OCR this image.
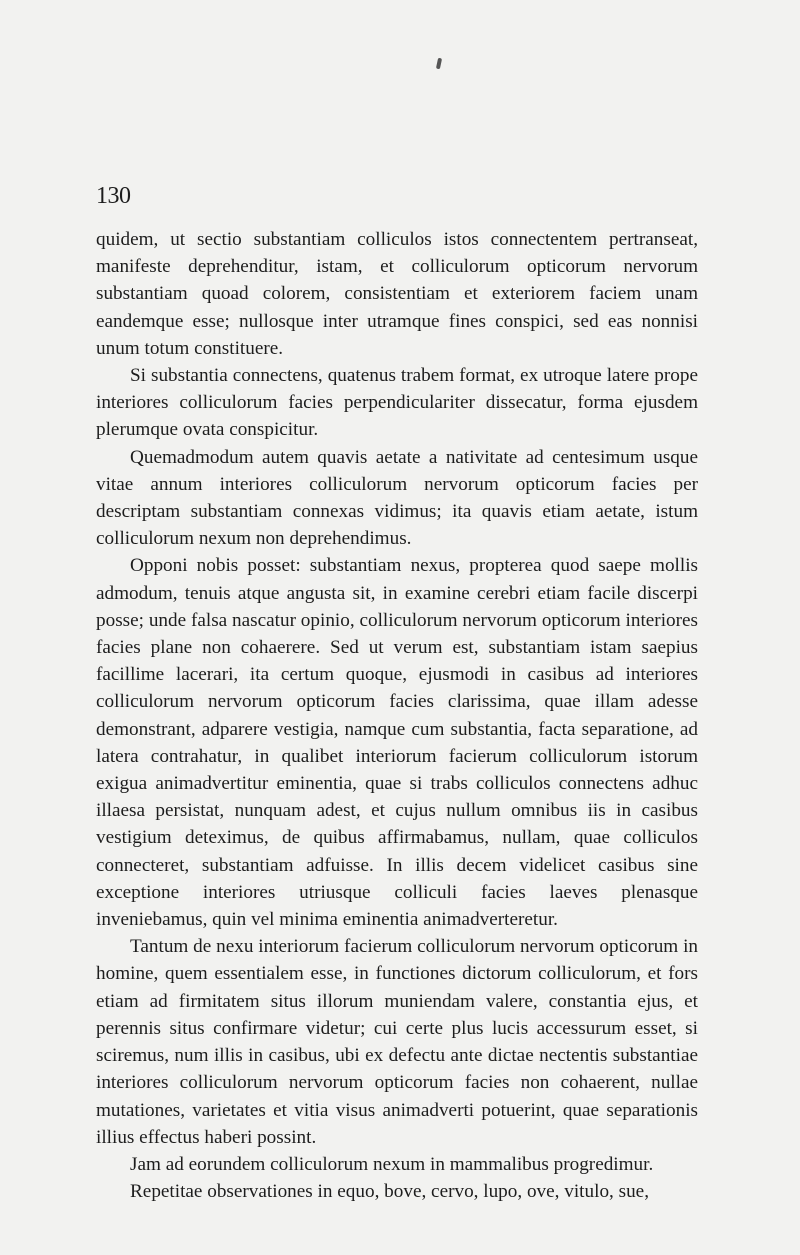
130

quidem, ut sectio substantiam colliculos istos connectentem pertranseat, manifeste deprehenditur, istam, et colliculorum opticorum nervorum substantiam quoad colorem, consistentiam et exteriorem faciem unam eandemque esse; nullosque inter utramque fines conspici, sed eas nonnisi unum totum constituere.

Si substantia connectens, quatenus trabem format, ex utroque latere prope interiores colliculorum facies perpendiculariter dissecatur, forma ejusdem plerumque ovata conspicitur.

Quemadmodum autem quavis aetate a nativitate ad centesimum usque vitae annum interiores colliculorum nervorum opticorum facies per descriptam substantiam connexas vidimus; ita quavis etiam aetate, istum colliculorum nexum non deprehendimus.

Opponi nobis posset: substantiam nexus, propterea quod saepe mollis admodum, tenuis atque angusta sit, in examine cerebri etiam facile discerpi posse; unde falsa nascatur opinio, colliculorum nervorum opticorum interiores facies plane non cohaerere. Sed ut verum est, substantiam istam saepius facillime lacerari, ita certum quoque, ejusmodi in casibus ad interiores colliculorum nervorum opticorum facies clarissima, quae illam adesse demonstrant, adparere vestigia, namque cum substantia, facta separatione, ad latera contrahatur, in qualibet interiorum facierum colliculorum istorum exigua animadvertitur eminentia, quae si trabs colliculos connectens adhuc illaesa persistat, nunquam adest, et cujus nullum omnibus iis in casibus vestigium deteximus, de quibus affirmabamus, nullam, quae colliculos connecteret, substantiam adfuisse. In illis decem videlicet casibus sine exceptione interiores utriusque colliculi facies laeves plenasque inveniebamus, quin vel minima eminentia animadverteretur.

Tantum de nexu interiorum facierum colliculorum nervorum opticorum in homine, quem essentialem esse, in functiones dictorum colliculorum, et fors etiam ad firmitatem situs illorum muniendam valere, constantia ejus, et perennis situs confirmare videtur; cui certe plus lucis accessurum esset, si sciremus, num illis in casibus, ubi ex defectu ante dictae nectentis substantiae interiores colliculorum nervorum opticorum facies non cohaerent, nullae mutationes, varietates et vitia visus animadverti potuerint, quae separationis illius effectus haberi possint.

Jam ad eorundem colliculorum nexum in mammalibus progredimur.

Repetitae observationes in equo, bove, cervo, lupo, ove, vitulo, sue,
